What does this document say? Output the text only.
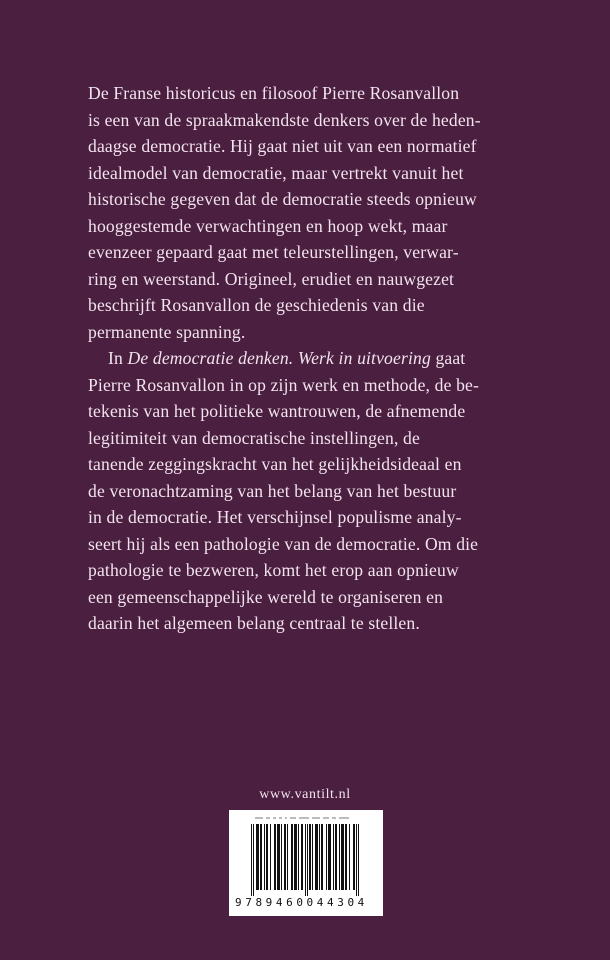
De Franse historicus en filosoof Pierre Rosanvallon
is een van de spraakmakendste denkers over de heden-
daagse democratie. Hij gaat niet uit van een normatief
idealmodel van democratie, maar vertrekt vanuit het
historische gegeven dat de democratie steeds opnieuw
hooggestemde verwachtingen en hoop wekt, maar
evenzeer gepaard gaat met teleurstellingen, verwar-
ring en weerstand. Origineel, erudiet en nauwgezet
beschrijft Rosanvallon de geschiedenis van die
permanente spanning.
In De democratie denken. Werk in uitvoering gaat
Pierre Rosanvallon in op zijn werk en methode, de be-
tekenis van het politieke wantrouwen, de afnemende
legitimiteit van democratische instellingen, de
tanende zeggingskracht van het gelijkheidsideaal en
de veronachtzaming van het belang van het bestuur
in de democratie. Het verschijnsel populisme analy-
seert hij als een pathologie van de democratie. Om die
pathologie te bezweren, komt het erop aan opnieuw
een gemeenschappelijke wereld te organiseren en
daarin het algemeen belang centraal te stellen.
www.vantilt.nl
9789460044304
